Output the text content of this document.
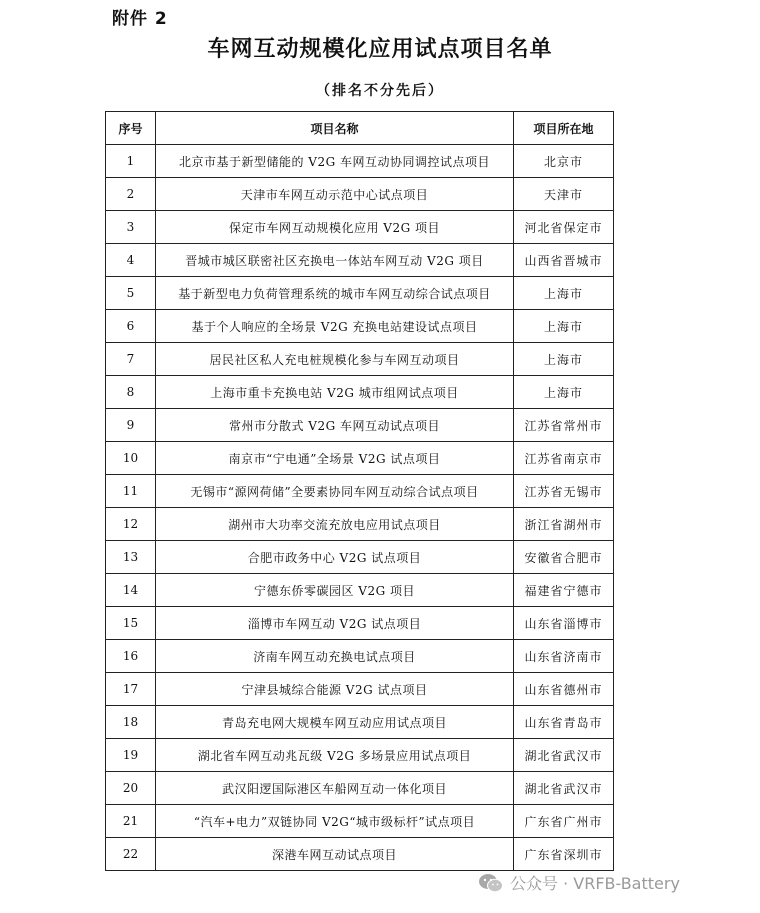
附件 2
车网互动规模化应用试点项目名单
（排名不分先后）
序号	项目名称	项目所在地
1	北京市基于新型储能的 V2G 车网互动协同调控试点项目	北京市
2	天津市车网互动示范中心试点项目	天津市
3	保定市车网互动规模化应用 V2G 项目	河北省保定市
4	晋城市城区联密社区充换电一体站车网互动 V2G 项目	山西省晋城市
5	基于新型电力负荷管理系统的城市车网互动综合试点项目	上海市
6	基于个人响应的全场景 V2G 充换电站建设试点项目	上海市
7	居民社区私人充电桩规模化参与车网互动项目	上海市
8	上海市重卡充换电站 V2G 城市组网试点项目	上海市
9	常州市分散式 V2G 车网互动试点项目	江苏省常州市
10	南京市“宁电通”全场景 V2G 试点项目	江苏省南京市
11	无锡市“源网荷储”全要素协同车网互动综合试点项目	江苏省无锡市
12	湖州市大功率交流充放电应用试点项目	浙江省湖州市
13	合肥市政务中心 V2G 试点项目	安徽省合肥市
14	宁德东侨零碳园区 V2G 项目	福建省宁德市
15	淄博市车网互动 V2G 试点项目	山东省淄博市
16	济南车网互动充换电试点项目	山东省济南市
17	宁津县城综合能源 V2G 试点项目	山东省德州市
18	青岛充电网大规模车网互动应用试点项目	山东省青岛市
19	湖北省车网互动兆瓦级 V2G 多场景应用试点项目	湖北省武汉市
20	武汉阳逻国际港区车船网互动一体化项目	湖北省武汉市
21	“汽车+电力”双链协同 V2G“城市级标杆”试点项目	广东省广州市
22	深港车网互动试点项目	广东省深圳市
公众号 · VRFB-Battery
